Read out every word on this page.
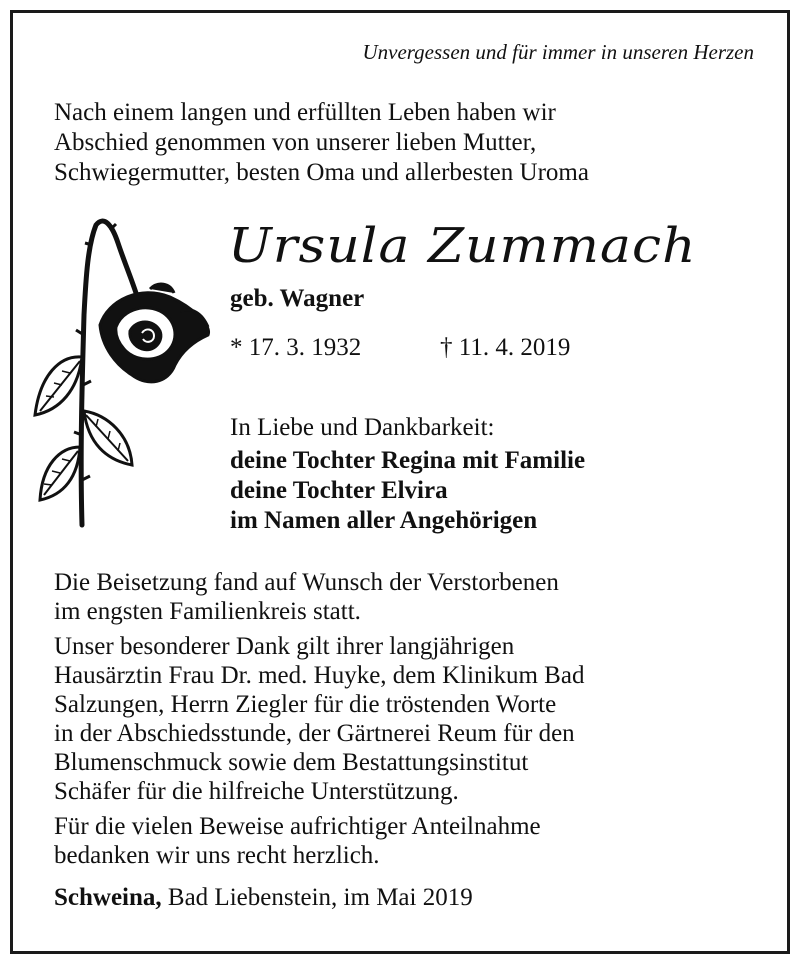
Unvergessen und für immer in unseren Herzen
Nach einem langen und erfüllten Leben haben wir
Abschied genommen von unserer lieben Mutter,
Schwiegermutter, besten Oma und allerbesten Uroma
Ursula Zummach
geb. Wagner
* 17. 3. 1932	† 11. 4. 2019
In Liebe und Dankbarkeit:
deine Tochter Regina mit Familie
deine Tochter Elvira
im Namen aller Angehörigen

Die Beisetzung fand auf Wunsch der Verstorbenen
im engsten Familienkreis statt.

Unser besonderer Dank gilt ihrer langjährigen
Hausärztin Frau Dr. med. Huyke, dem Klinikum Bad
Salzungen, Herrn Ziegler für die tröstenden Worte
in der Abschiedsstunde, der Gärtnerei Reum für den
Blumenschmuck sowie dem Bestattungsinstitut
Schäfer für die hilfreiche Unterstützung.

Für die vielen Beweise aufrichtiger Anteilnahme
bedanken wir uns recht herzlich.

Schweina, Bad Liebenstein, im Mai 2019
